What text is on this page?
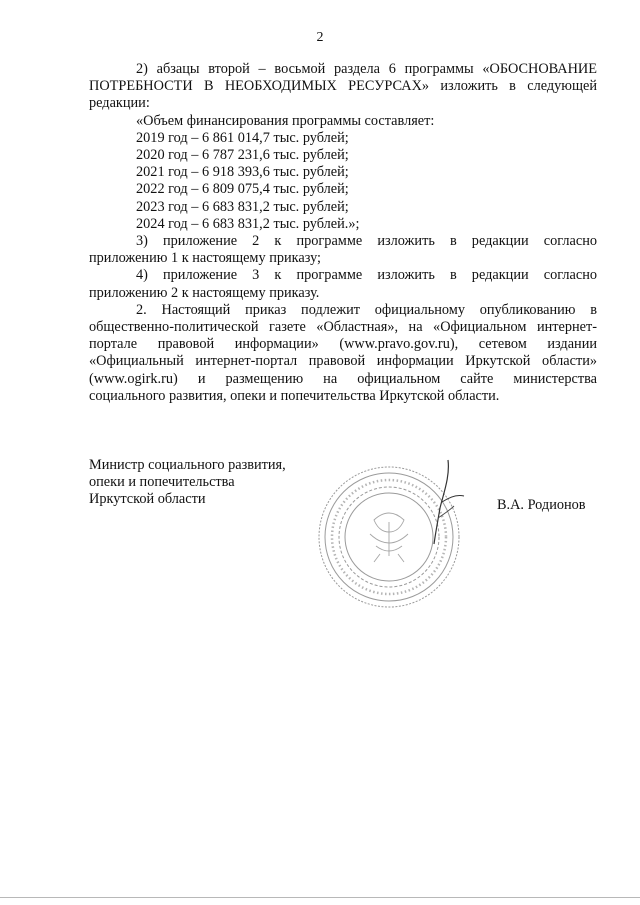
2

2) абзацы второй – восьмой раздела 6 программы «ОБОСНОВАНИЕ

ПОТРЕБНОСТИ В НЕОБХОДИМЫХ РЕСУРСАХ» изложить в следующей

редакции:

«Объем финансирования программы составляет:

2019 год – 6 861 014,7 тыс. рублей;

2020 год – 6 787 231,6 тыс. рублей;

2021 год – 6 918 393,6 тыс. рублей;

2022 год – 6 809 075,4 тыс. рублей;

2023 год – 6 683 831,2 тыс. рублей;

2024 год – 6 683 831,2 тыс. рублей.»;

3) приложение 2 к программе изложить в редакции согласно

приложению 1 к настоящему приказу;

4) приложение 3 к программе изложить в редакции согласно

приложению 2 к настоящему приказу.

2. Настоящий приказ подлежит официальному опубликованию в

общественно-политической газете «Областная», на «Официальном интернет-

портале правовой информации» (www.pravo.gov.ru), сетевом издании

«Официальный интернет-портал правовой информации Иркутской области»

(www.ogirk.ru) и размещению на официальном сайте министерства

социального развития, опеки и попечительства Иркутской области.

Министр социального развития,
опеки и попечительства
Иркутской области	В.А. Родионов
